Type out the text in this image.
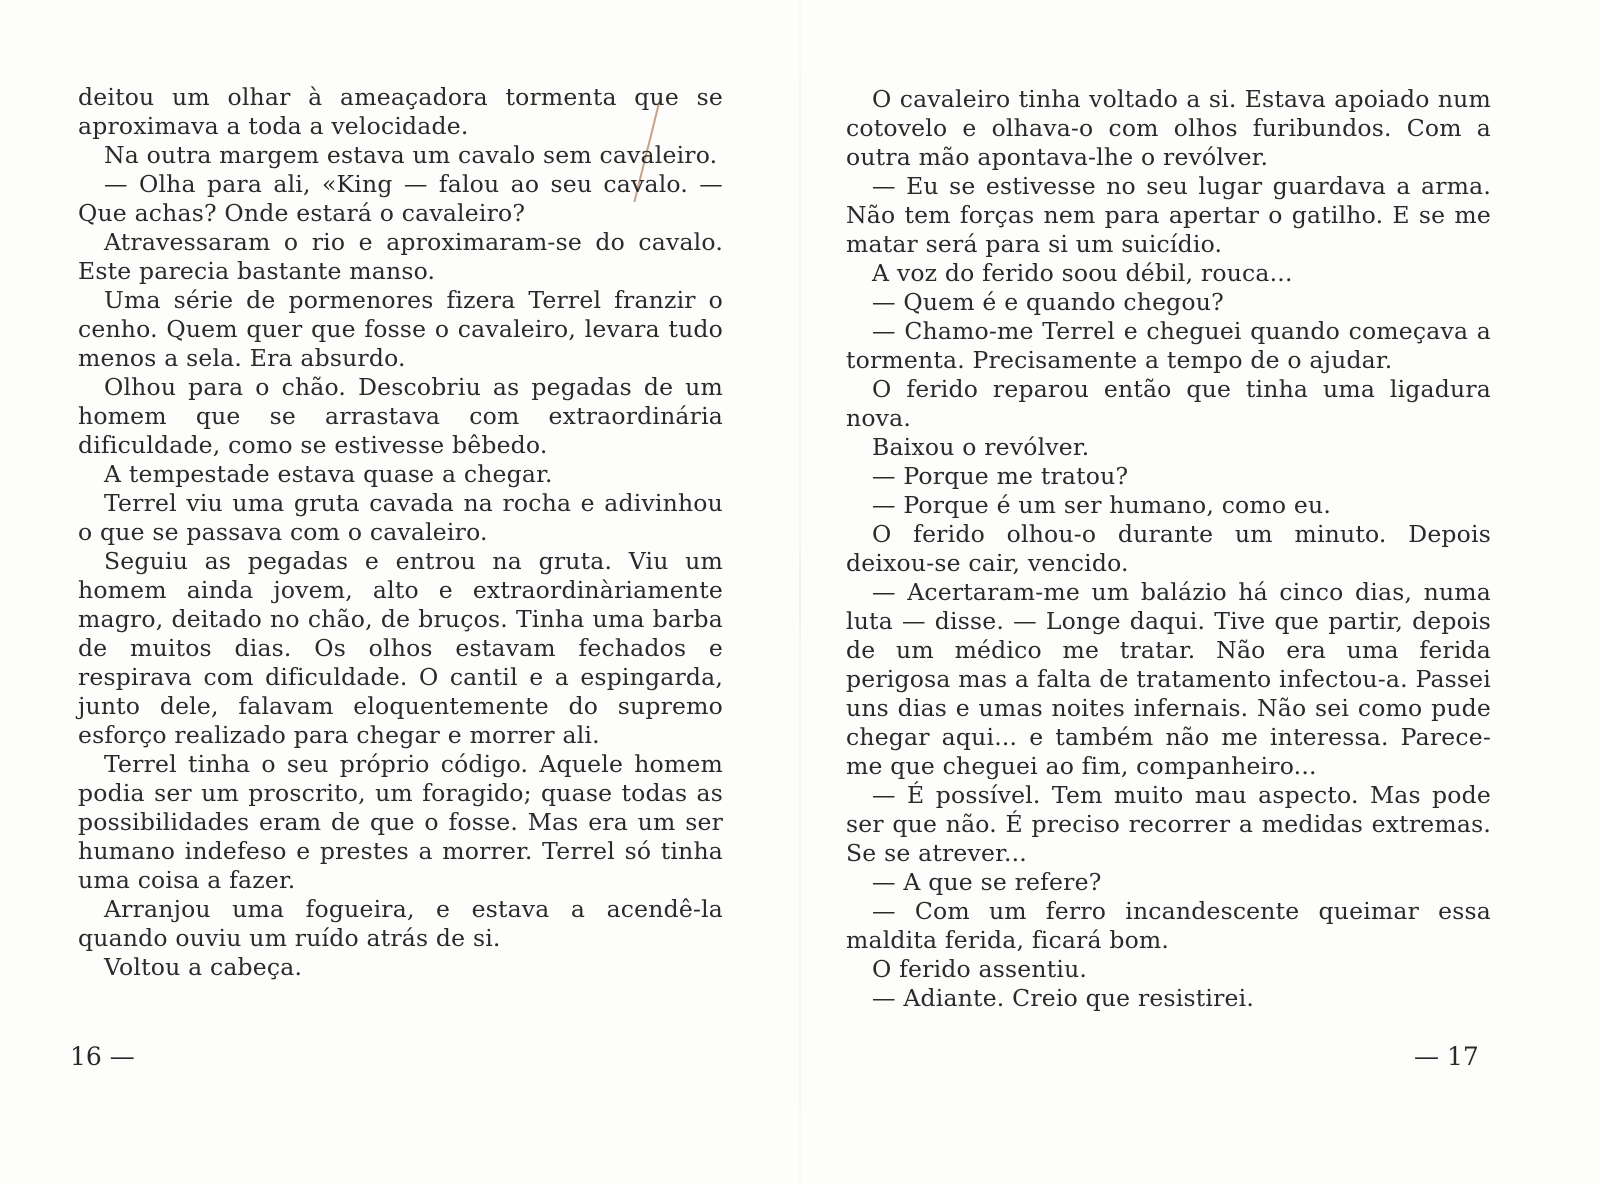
deitou um olhar à ameaçadora tormenta que se aproximava a toda a velocidade.

Na outra margem estava um cavalo sem cavaleiro.

— Olha para ali, «King — falou ao seu cavalo. — Que achas? Onde estará o cavaleiro?

Atravessaram o rio e aproximaram-se do cavalo. Este parecia bastante manso.

Uma série de pormenores fizera Terrel franzir o cenho. Quem quer que fosse o cavaleiro, levara tudo menos a sela. Era absurdo.

Olhou para o chão. Descobriu as pegadas de um homem que se arrastava com extraordinária dificuldade, como se estivesse bêbedo.

A tempestade estava quase a chegar.

Terrel viu uma gruta cavada na rocha e adivinhou o que se passava com o cavaleiro.

Seguiu as pegadas e entrou na gruta. Viu um homem ainda jovem, alto e extraordinàriamente magro, deitado no chão, de bruços. Tinha uma barba de muitos dias. Os olhos estavam fechados e respirava com dificuldade. O cantil e a espingarda, junto dele, falavam eloquentemente do supremo esforço realizado para chegar e morrer ali.

Terrel tinha o seu próprio código. Aquele homem podia ser um proscrito, um foragido; quase todas as possibilidades eram de que o fosse. Mas era um ser humano indefeso e prestes a morrer. Terrel só tinha uma coisa a fazer.

Arranjou uma fogueira, e estava a acendê-la quando ouviu um ruído atrás de si.

Voltou a cabeça.

16 —

O cavaleiro tinha voltado a si. Estava apoiado num cotovelo e olhava-o com olhos furibundos. Com a outra mão apontava-lhe o revólver.

— Eu se estivesse no seu lugar guardava a arma. Não tem forças nem para apertar o gatilho. E se me matar será para si um suicídio.

A voz do ferido soou débil, rouca...

— Quem é e quando chegou?

— Chamo-me Terrel e cheguei quando começava a tormenta. Precisamente a tempo de o ajudar.

O ferido reparou então que tinha uma ligadura nova.

Baixou o revólver.

— Porque me tratou?

— Porque é um ser humano, como eu.

O ferido olhou-o durante um minuto. Depois deixou-se cair, vencido.

— Acertaram-me um balázio há cinco dias, numa luta — disse. — Longe daqui. Tive que partir, depois de um médico me tratar. Não era uma ferida perigosa mas a falta de tratamento infectou-a. Passei uns dias e umas noites infernais. Não sei como pude chegar aqui... e também não me interessa. Parece-me que cheguei ao fim, companheiro...

— É possível. Tem muito mau aspecto. Mas pode ser que não. É preciso recorrer a medidas extremas. Se se atrever...

— A que se refere?

— Com um ferro incandescente queimar essa maldita ferida, ficará bom.

O ferido assentiu.

— Adiante. Creio que resistirei.

— 17
